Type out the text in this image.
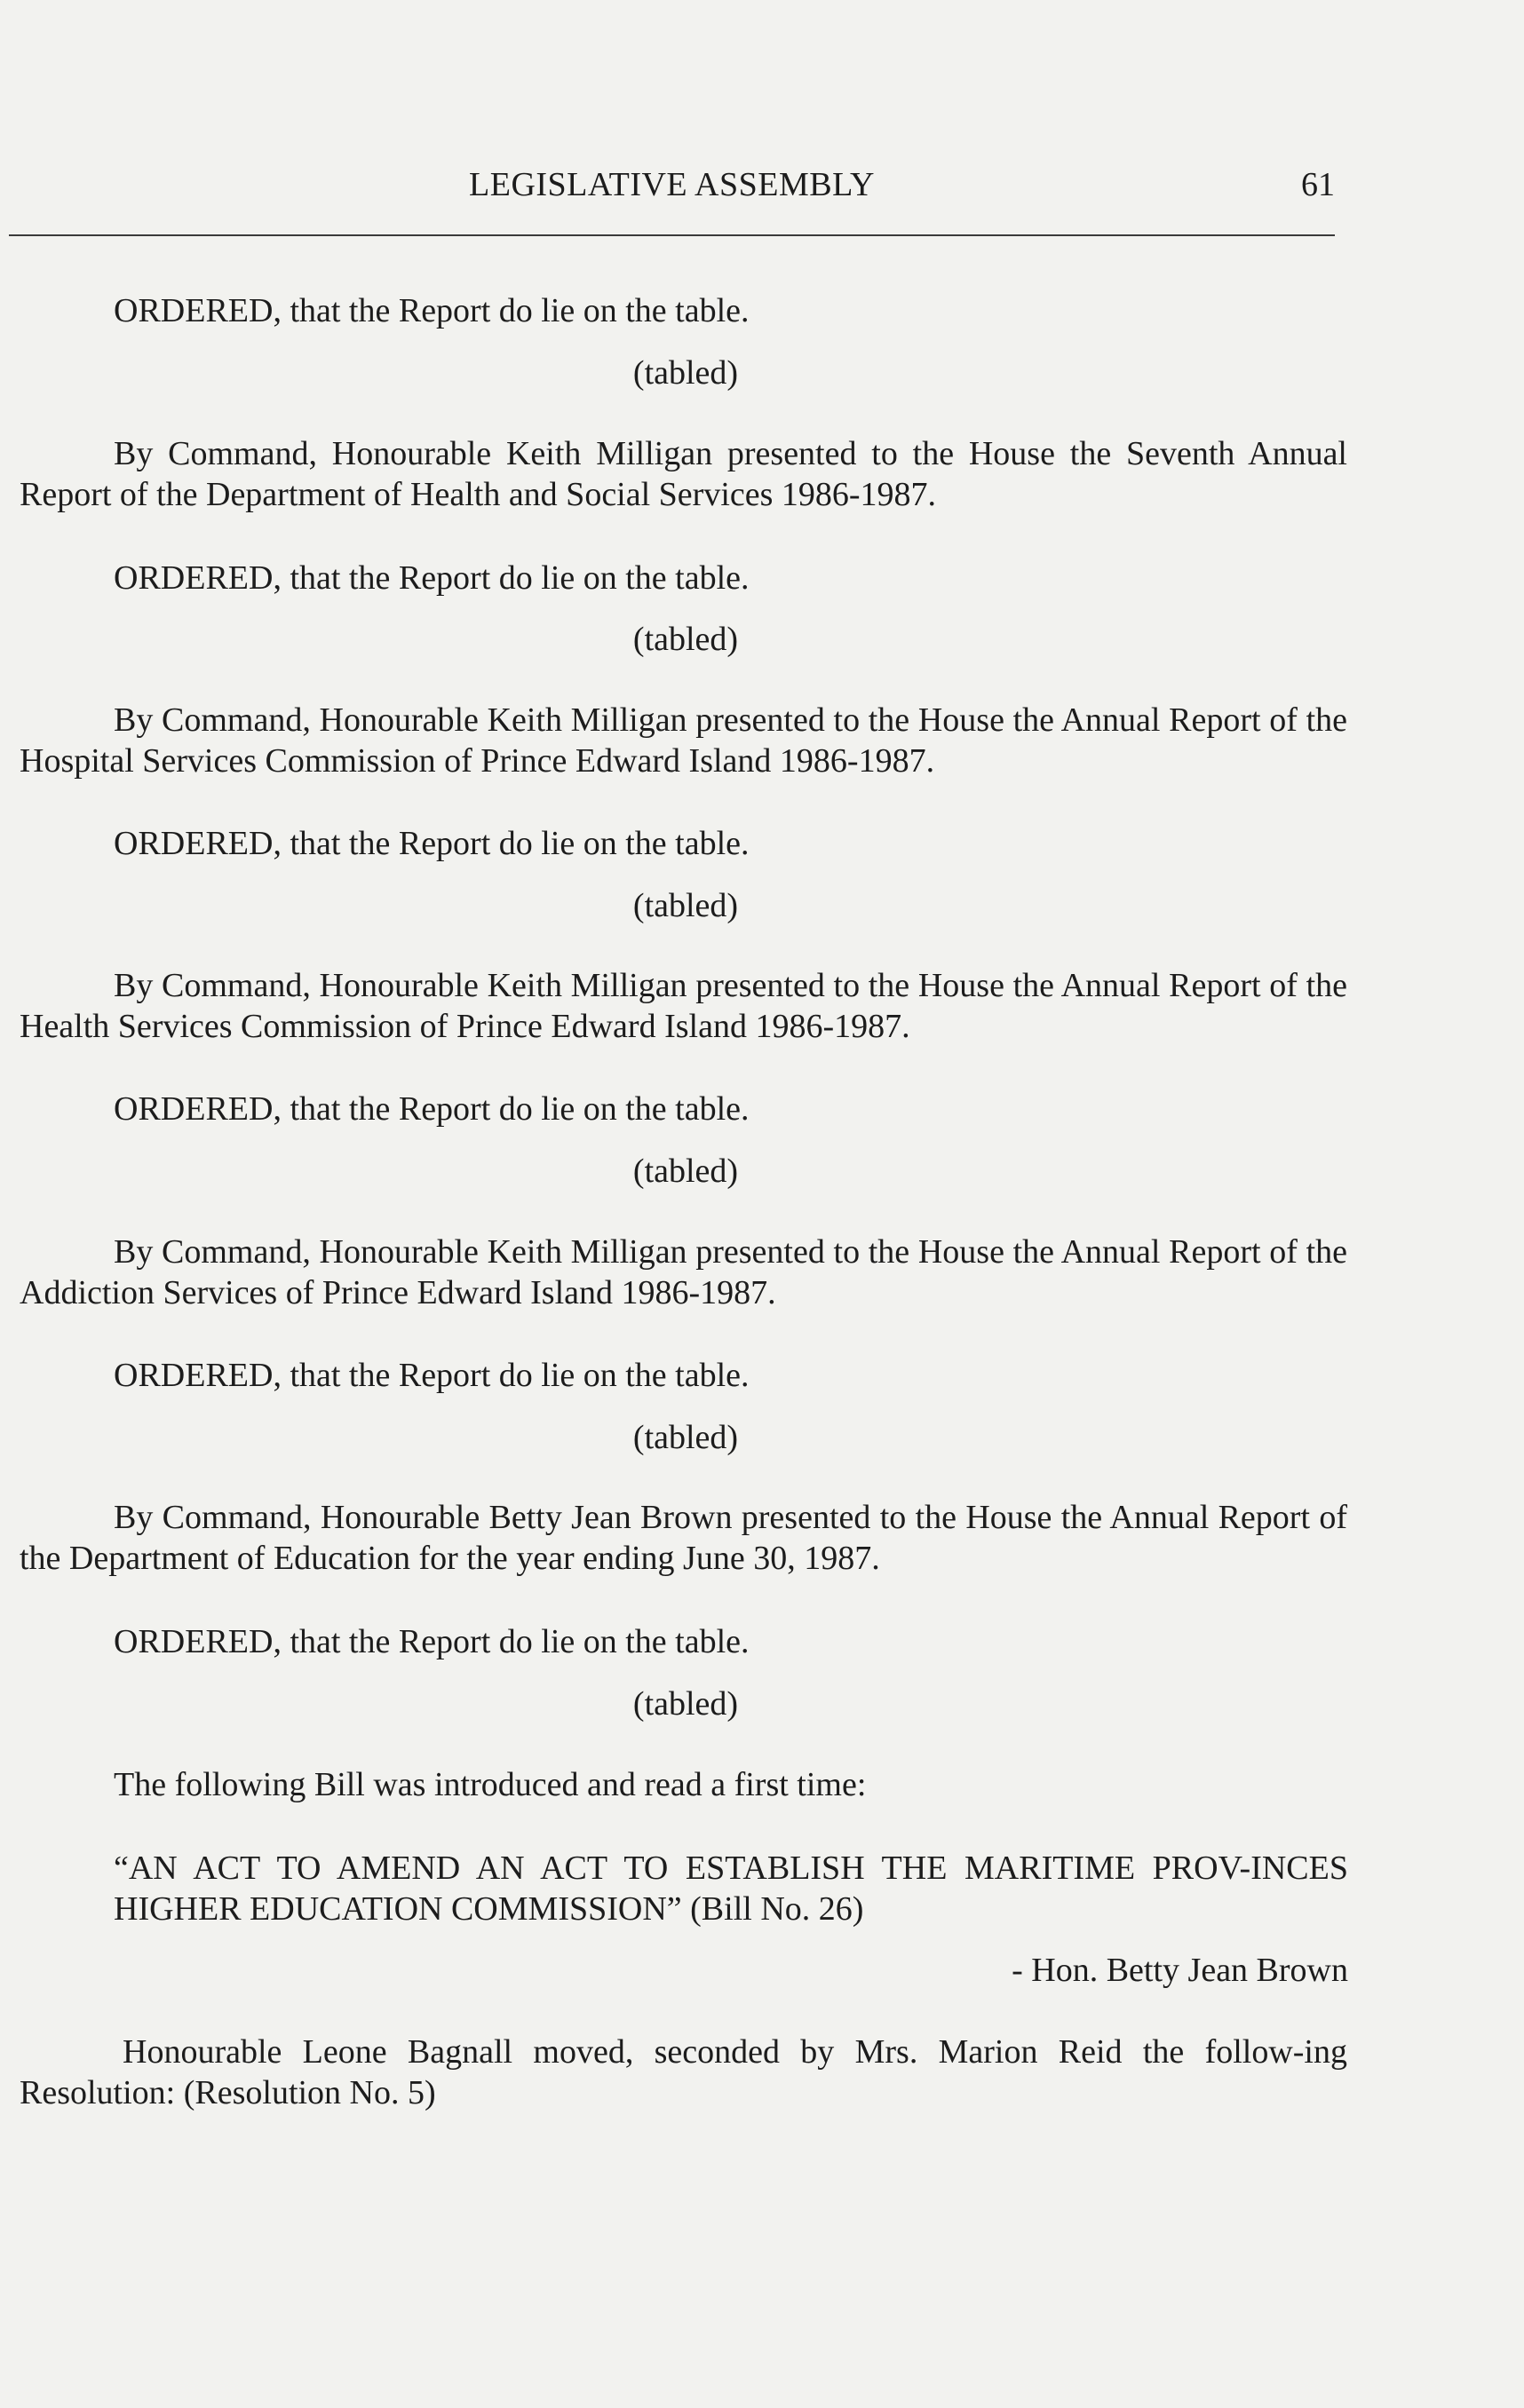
LEGISLATIVE ASSEMBLY	61
ORDERED, that the Report do lie on the table.
(tabled)
By Command, Honourable Keith Milligan presented to the House the Seventh Annual Report of the Department of Health and Social Services 1986-1987.
ORDERED, that the Report do lie on the table.
(tabled)
By Command, Honourable Keith Milligan presented to the House the Annual Report of the Hospital Services Commission of Prince Edward Island 1986-1987.
ORDERED, that the Report do lie on the table.
(tabled)
By Command, Honourable Keith Milligan presented to the House the Annual Report of the Health Services Commission of Prince Edward Island 1986-1987.
ORDERED, that the Report do lie on the table.
(tabled)
By Command, Honourable Keith Milligan presented to the House the Annual Report of the Addiction Services of Prince Edward Island 1986-1987.
ORDERED, that the Report do lie on the table.
(tabled)
By Command, Honourable Betty Jean Brown presented to the House the Annual Report of the Department of Education for the year ending June 30, 1987.
ORDERED, that the Report do lie on the table.
(tabled)
The following Bill was introduced and read a first time:
“AN ACT TO AMEND AN ACT TO ESTABLISH THE MARITIME PROV-INCES HIGHER EDUCATION COMMISSION” (Bill No. 26)
- Hon. Betty Jean Brown
Honourable Leone Bagnall moved, seconded by Mrs. Marion Reid the follow-ing Resolution: (Resolution No. 5)
